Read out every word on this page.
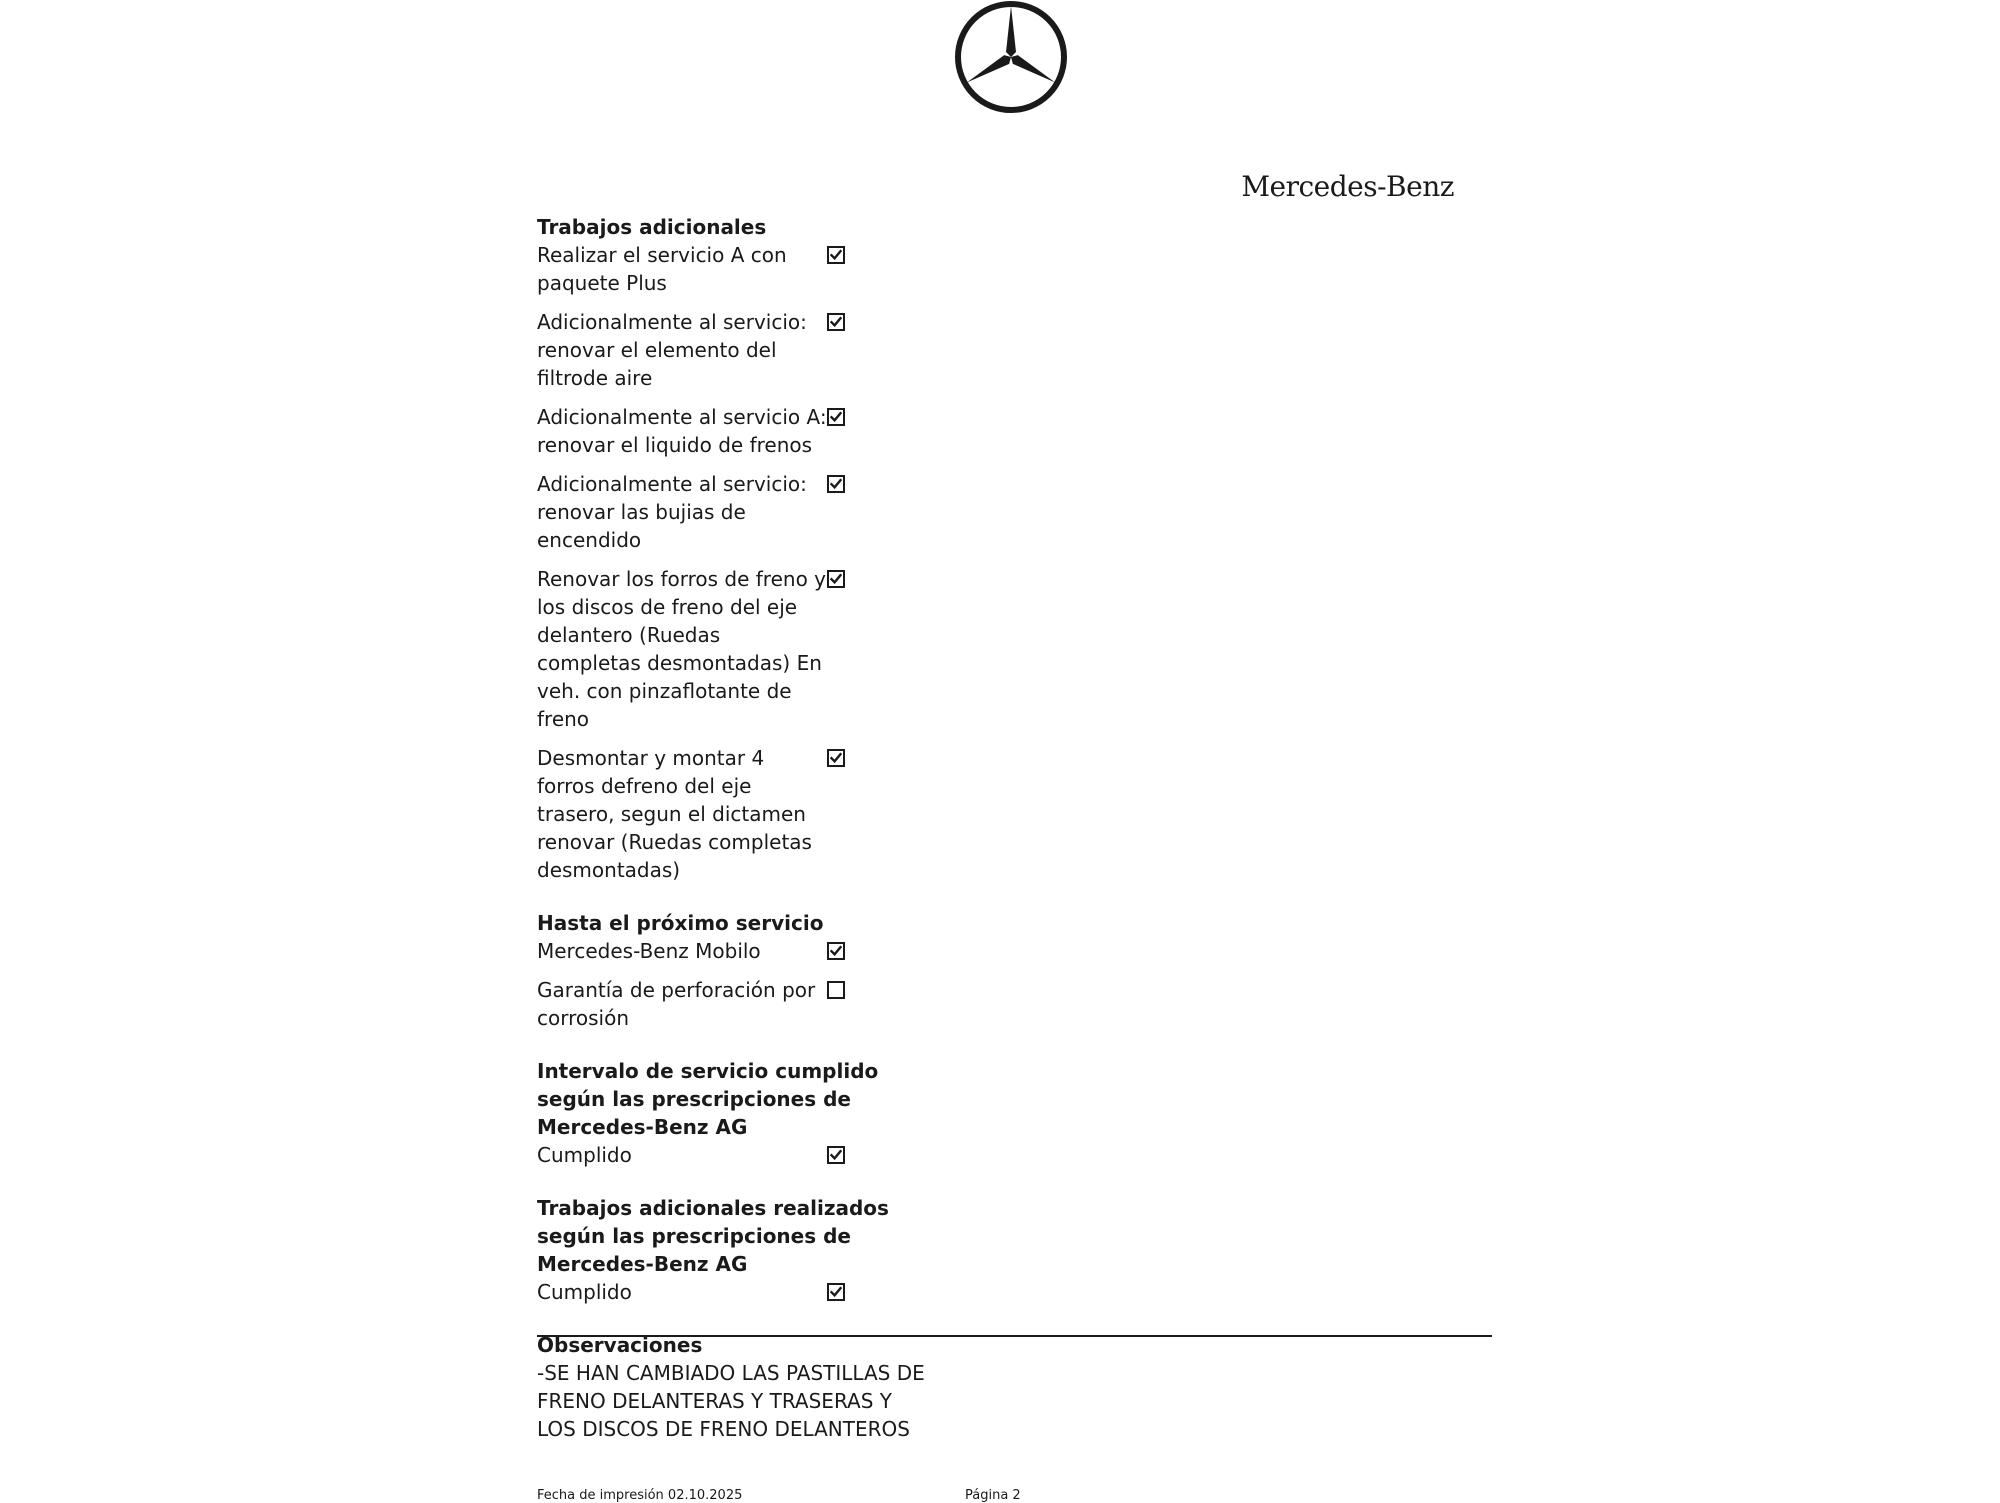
Mercedes-Benz
Trabajos adicionales
Realizar el servicio A con paquete Plus
Adicionalmente al servicio: renovar el elemento del filtrode aire
Adicionalmente al servicio A: renovar el liquido de frenos
Adicionalmente al servicio: renovar las bujias de encendido
Renovar los forros de freno y los discos de freno del eje delantero (Ruedas completas desmontadas) En veh. con pinzaflotante de freno
Desmontar y montar 4 forros defreno del eje trasero, segun el dictamen renovar (Ruedas completas desmontadas)
Hasta el próximo servicio
Mercedes-Benz Mobilo
Garantía de perforación por corrosión
Intervalo de servicio cumplido según las prescripciones de Mercedes-Benz AG
Cumplido
Trabajos adicionales realizados según las prescripciones de Mercedes-Benz AG
Cumplido
Observaciones
-SE HAN CAMBIADO LAS PASTILLAS DE FRENO DELANTERAS Y TRASERAS Y LOS DISCOS DE FRENO DELANTEROS
Fecha de impresión 02.10.2025	Página 2
